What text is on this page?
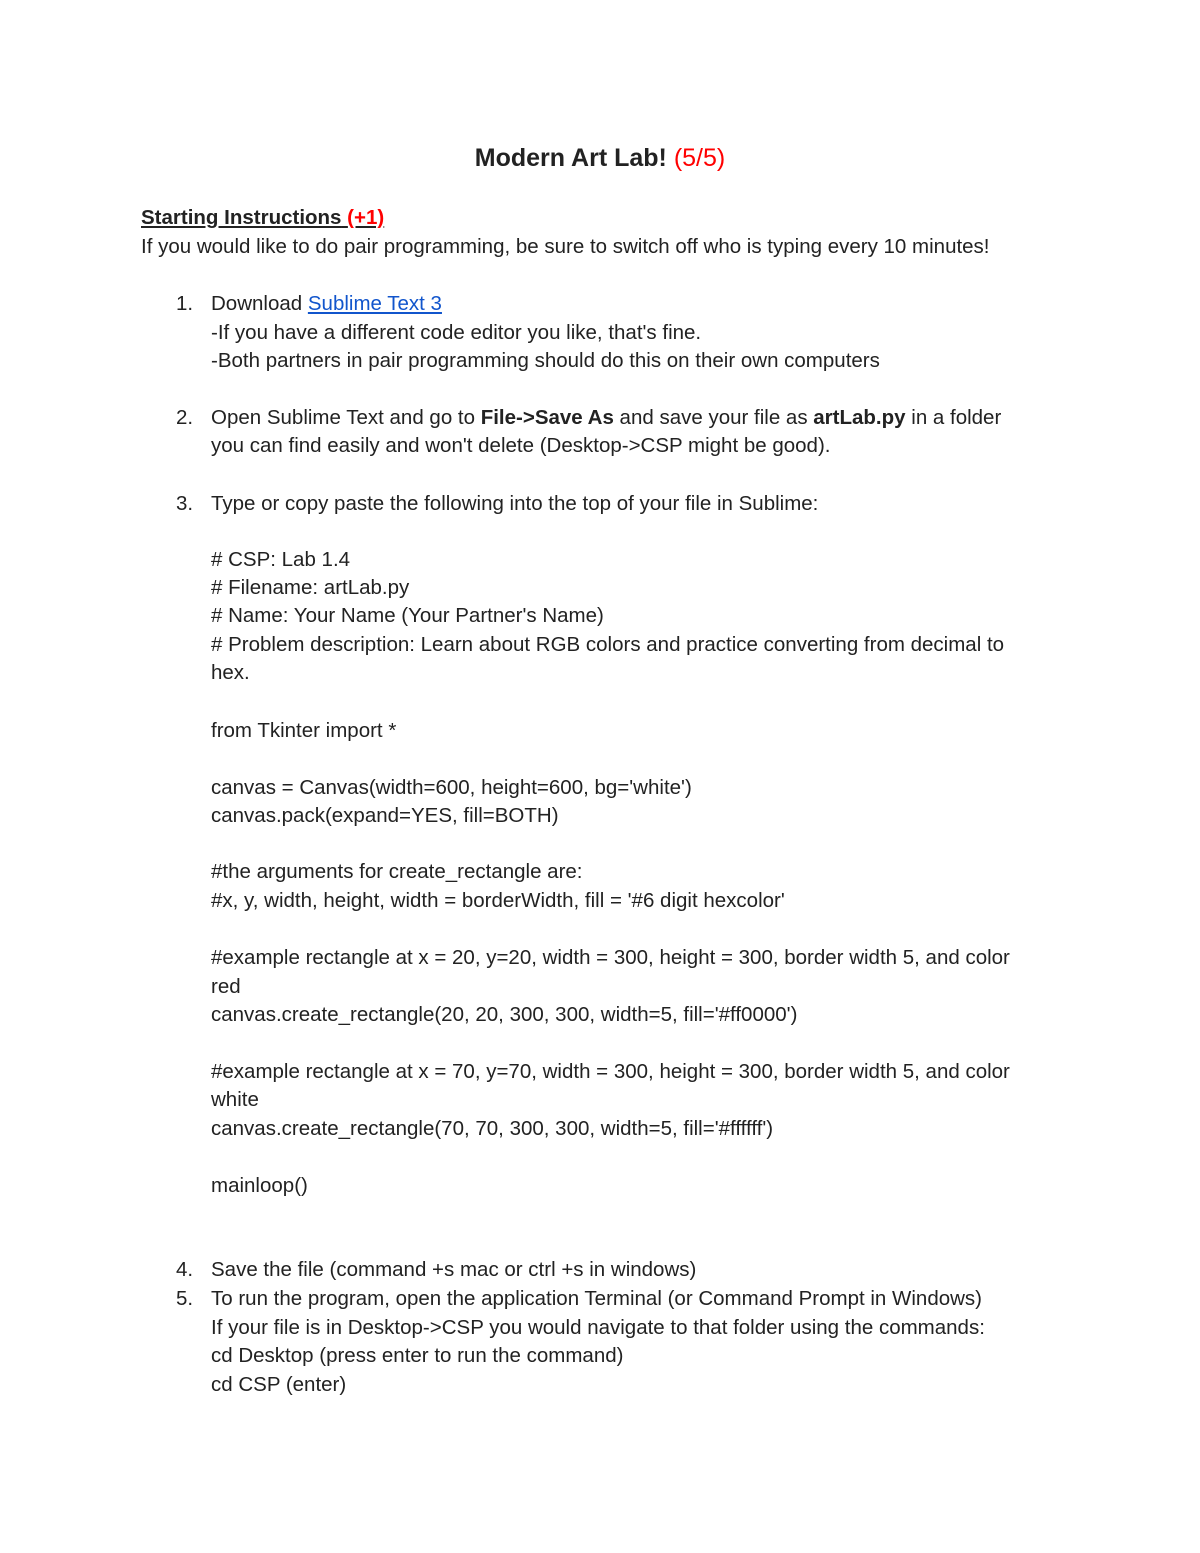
Modern Art Lab! (5/5)
Starting Instructions (+1)
If you would like to do pair programming, be sure to switch off who is typing every 10 minutes!
1. Download Sublime Text 3
-If you have a different code editor you like, that's fine.
-Both partners in pair programming should do this on their own computers
2. Open Sublime Text and go to File->Save As and save your file as artLab.py in a folder
you can find easily and won't delete (Desktop->CSP might be good).
3. Type or copy paste the following into the top of your file in Sublime:
# CSP: Lab 1.4
# Filename: artLab.py
# Name: Your Name (Your Partner's Name)
# Problem description: Learn about RGB colors and practice converting from decimal to
hex.
from Tkinter import *
canvas = Canvas(width=600, height=600, bg='white')
canvas.pack(expand=YES, fill=BOTH)
#the arguments for create_rectangle are:
#x, y, width, height, width = borderWidth, fill = '#6 digit hexcolor'
#example rectangle at x = 20, y=20, width = 300, height = 300, border width 5, and color
red
canvas.create_rectangle(20, 20, 300, 300, width=5, fill='#ff0000')
#example rectangle at x = 70, y=70, width = 300, height = 300, border width 5, and color
white
canvas.create_rectangle(70, 70, 300, 300, width=5, fill='#ffffff')
mainloop()
4. Save the file (command +s mac or ctrl +s in windows)
5. To run the program, open the application Terminal (or Command Prompt in Windows)
If your file is in Desktop->CSP you would navigate to that folder using the commands:
cd Desktop (press enter to run the command)
cd CSP (enter)
